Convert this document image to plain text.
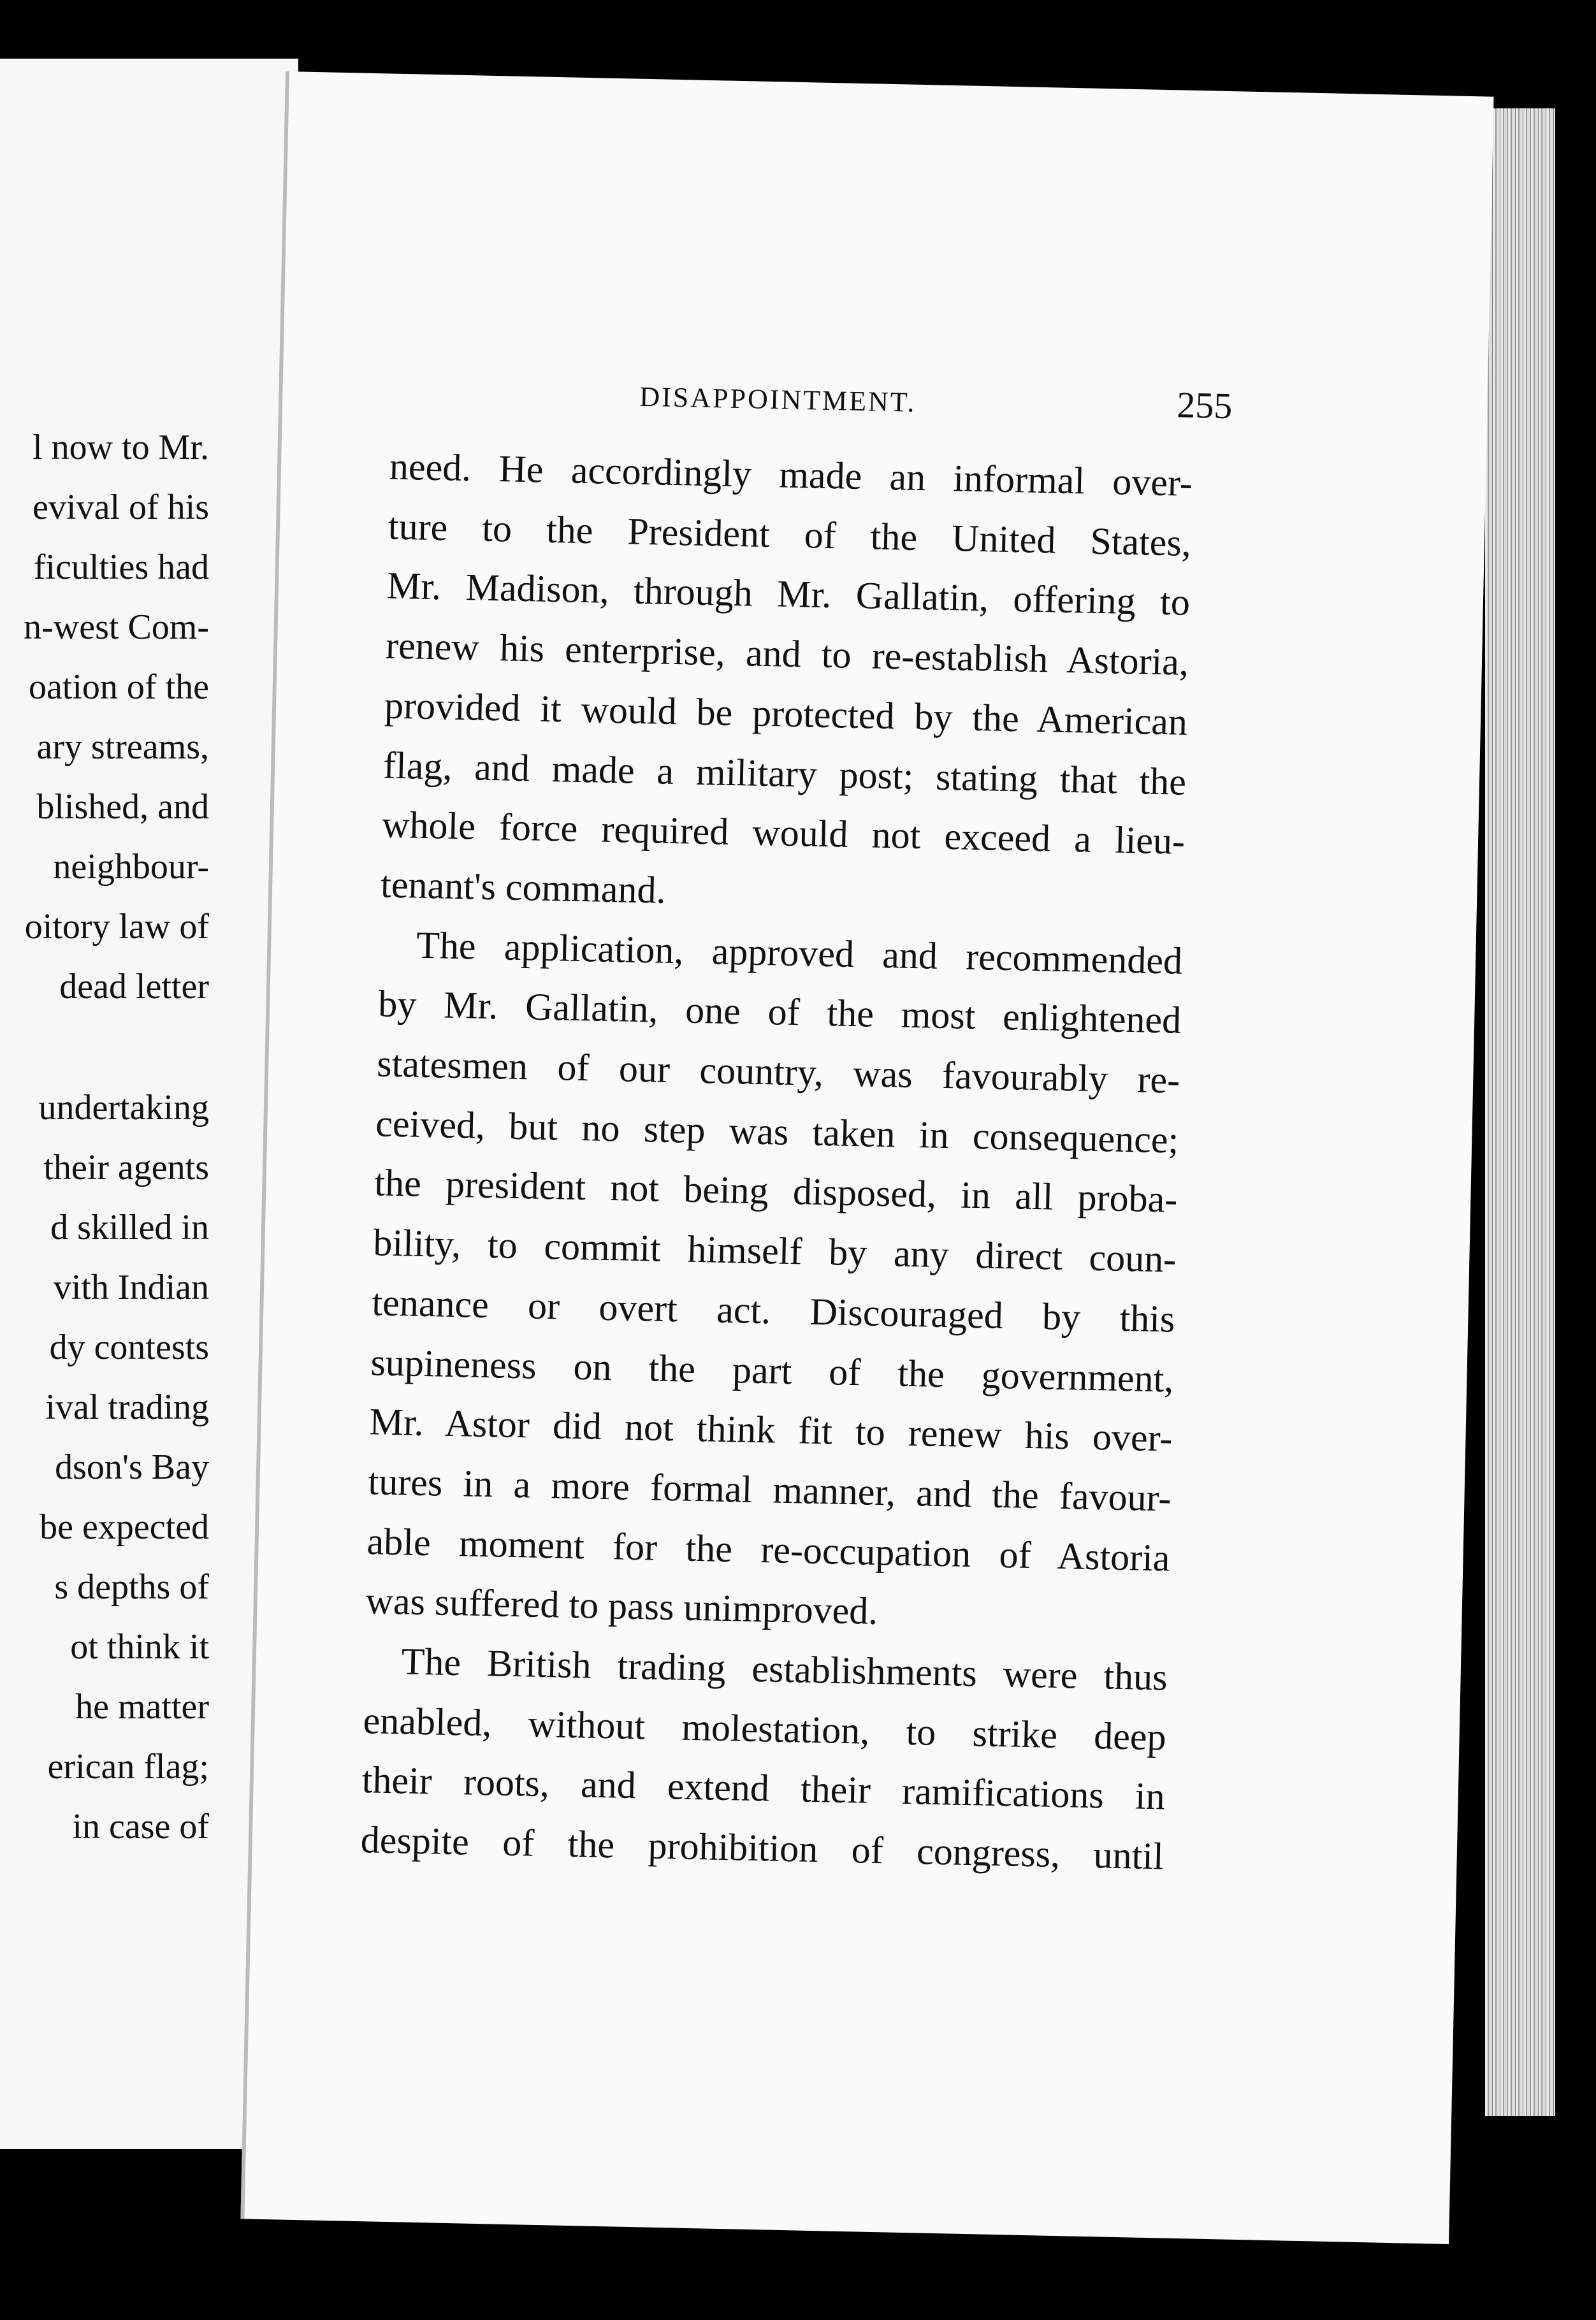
l now to Mr.
evival of his
ficulties had
n-west Com-
oation of the
ary streams,
blished, and
neighbour-
oitory law of
dead letter
undertaking
their agents
d skilled in
vith Indian
dy contests
ival trading
dson's Bay
be expected
s depths of
ot think it
he matter
erican flag;
in case of
DISAPPOINTMENT.	255
need. He accordingly made an informal over-
ture to the President of the United States,
Mr. Madison, through Mr. Gallatin, offering to
renew his enterprise, and to re-establish Astoria,
provided it would be protected by the American
flag, and made a military post; stating that the
whole force required would not exceed a lieu-
tenant's command.
The application, approved and recommended
by Mr. Gallatin, one of the most enlightened
statesmen of our country, was favourably re-
ceived, but no step was taken in consequence;
the president not being disposed, in all proba-
bility, to commit himself by any direct coun-
tenance or overt act. Discouraged by this
supineness on the part of the government,
Mr. Astor did not think fit to renew his over-
tures in a more formal manner, and the favour-
able moment for the re-occupation of Astoria
was suffered to pass unimproved.
The British trading establishments were thus
enabled, without molestation, to strike deep
their roots, and extend their ramifications in
despite of the prohibition of congress, until
